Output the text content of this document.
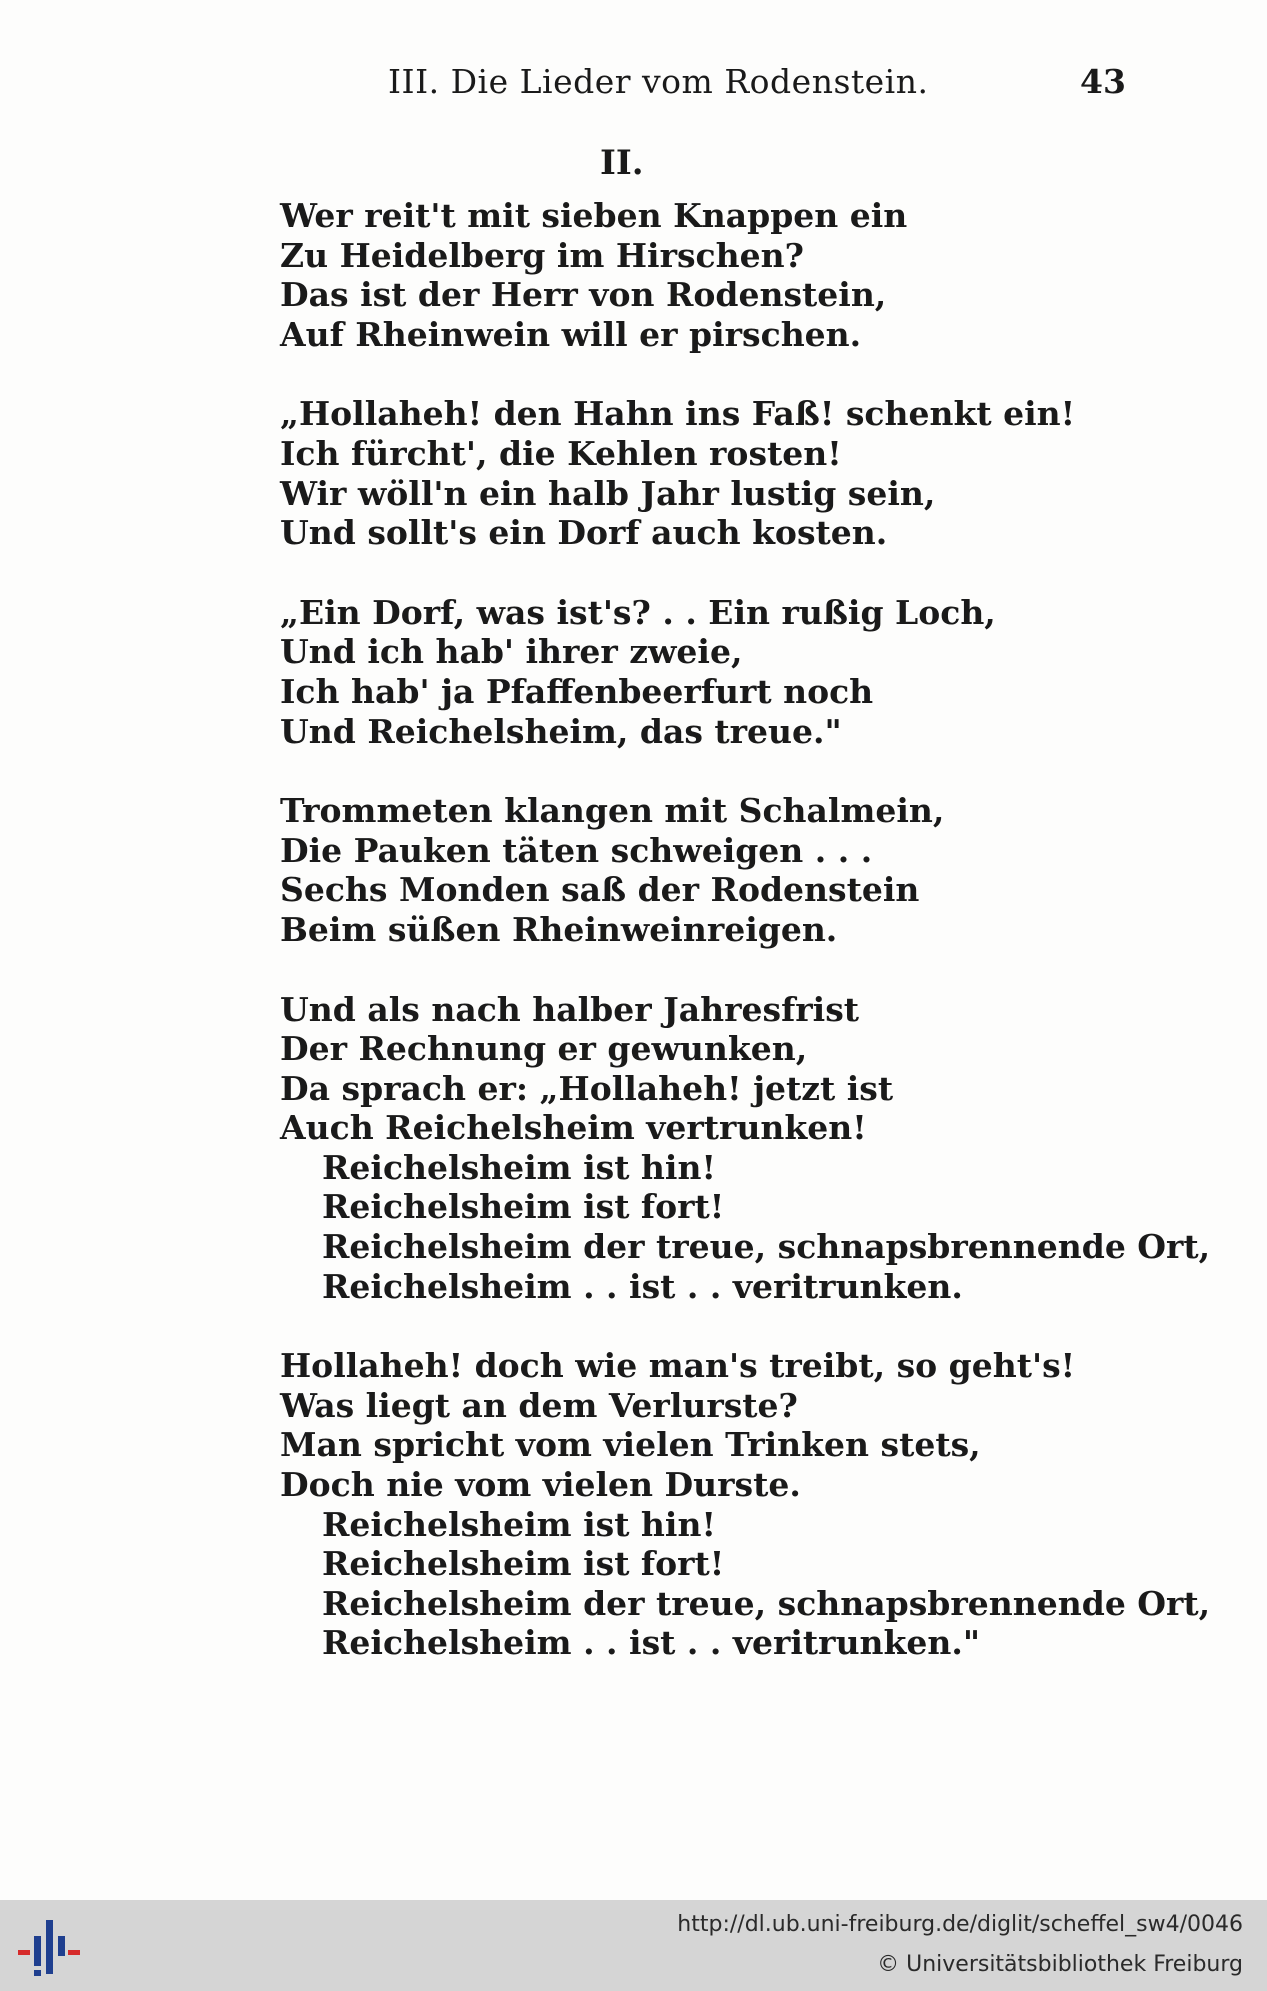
III. Die Lieder vom Rodenstein.	43
II.
Wer reit't mit sieben Knappen ein
Zu Heidelberg im Hirschen?
Das ist der Herr von Rodenstein,
Auf Rheinwein will er pirschen.
„Hollaheh! den Hahn ins Faß! schenkt ein!
Ich fürcht', die Kehlen rosten!
Wir wöll'n ein halb Jahr lustig sein,
Und sollt's ein Dorf auch kosten.
„Ein Dorf, was ist's? . . Ein rußig Loch,
Und ich hab' ihrer zweie,
Ich hab' ja Pfaffenbeerfurt noch
Und Reichelsheim, das treue."
Trommeten klangen mit Schalmein,
Die Pauken täten schweigen . . .
Sechs Monden saß der Rodenstein
Beim süßen Rheinweinreigen.
Und als nach halber Jahresfrist
Der Rechnung er gewunken,
Da sprach er: „Hollaheh! jetzt ist
Auch Reichelsheim vertrunken!
Reichelsheim ist hin!
Reichelsheim ist fort!
Reichelsheim der treue, schnapsbrennende Ort,
Reichelsheim . . ist . . veritrunken.
Hollaheh! doch wie man's treibt, so geht's!
Was liegt an dem Verlurste?
Man spricht vom vielen Trinken stets,
Doch nie vom vielen Durste.
Reichelsheim ist hin!
Reichelsheim ist fort!
Reichelsheim der treue, schnapsbrennende Ort,
Reichelsheim . . ist . . veritrunken."
http://dl.ub.uni-freiburg.de/diglit/scheffel_sw4/0046
© Universitätsbibliothek Freiburg
